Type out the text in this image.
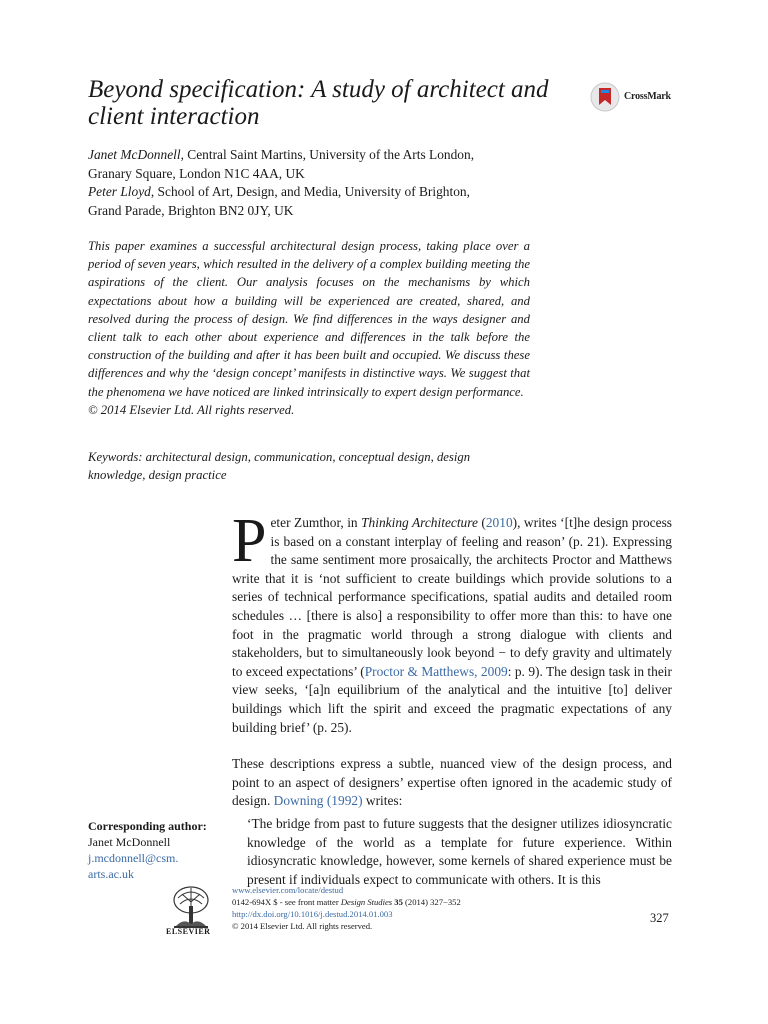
Beyond specification: A study of architect and client interaction
CrossMark
Janet McDonnell, Central Saint Martins, University of the Arts London,
Granary Square, London N1C 4AA, UK
Peter Lloyd, School of Art, Design, and Media, University of Brighton,
Grand Parade, Brighton BN2 0JY, UK
This paper examines a successful architectural design process, taking place over a period of seven years, which resulted in the delivery of a complex building meeting the aspirations of the client. Our analysis focuses on the mechanisms by which expectations about how a building will be experienced are created, shared, and resolved during the process of design. We find differences in the ways designer and client talk to each other about experience and differences in the talk before the construction of the building and after it has been built and occupied. We discuss these differences and why the ‘design concept’ manifests in distinctive ways. We suggest that the phenomena we have noticed are linked intrinsically to expert design performance.
© 2014 Elsevier Ltd. All rights reserved.
Keywords: architectural design, communication, conceptual design, design knowledge, design practice

Peter Zumthor, in Thinking Architecture (2010), writes ‘[t]he design process is based on a constant interplay of feeling and reason’ (p. 21). Expressing the same sentiment more prosaically, the architects Proctor and Matthews write that it is ‘not sufficient to create buildings which provide solutions to a series of technical performance specifications, spatial audits and detailed room schedules … [there is also] a responsibility to offer more than this: to have one foot in the pragmatic world through a strong dialogue with clients and stakeholders, but to simultaneously look beyond − to defy gravity and ultimately to exceed expectations’ (Proctor & Matthews, 2009: p. 9). The design task in their view seeks, ‘[a]n equilibrium of the analytical and the intuitive [to] deliver buildings which lift the spirit and exceed the pragmatic expectations of any building brief’ (p. 25).

These descriptions express a subtle, nuanced view of the design process, and point to an aspect of designers’ expertise often ignored in the academic study of design. Downing (1992) writes:

‘The bridge from past to future suggests that the designer utilizes idiosyncratic knowledge of the world as a template for future experience. Within idiosyncratic knowledge, however, some kernels of shared experience must be present if individuals expect to communicate with others. It is this

Corresponding author:
Janet McDonnell
j.mcdonnell@csm.
arts.ac.uk
ELSEVIER
www.elsevier.com/locate/destud
0142-694X $ - see front matter Design Studies 35 (2014) 327−352
http://dx.doi.org/10.1016/j.destud.2014.01.003
© 2014 Elsevier Ltd. All rights reserved.
327
